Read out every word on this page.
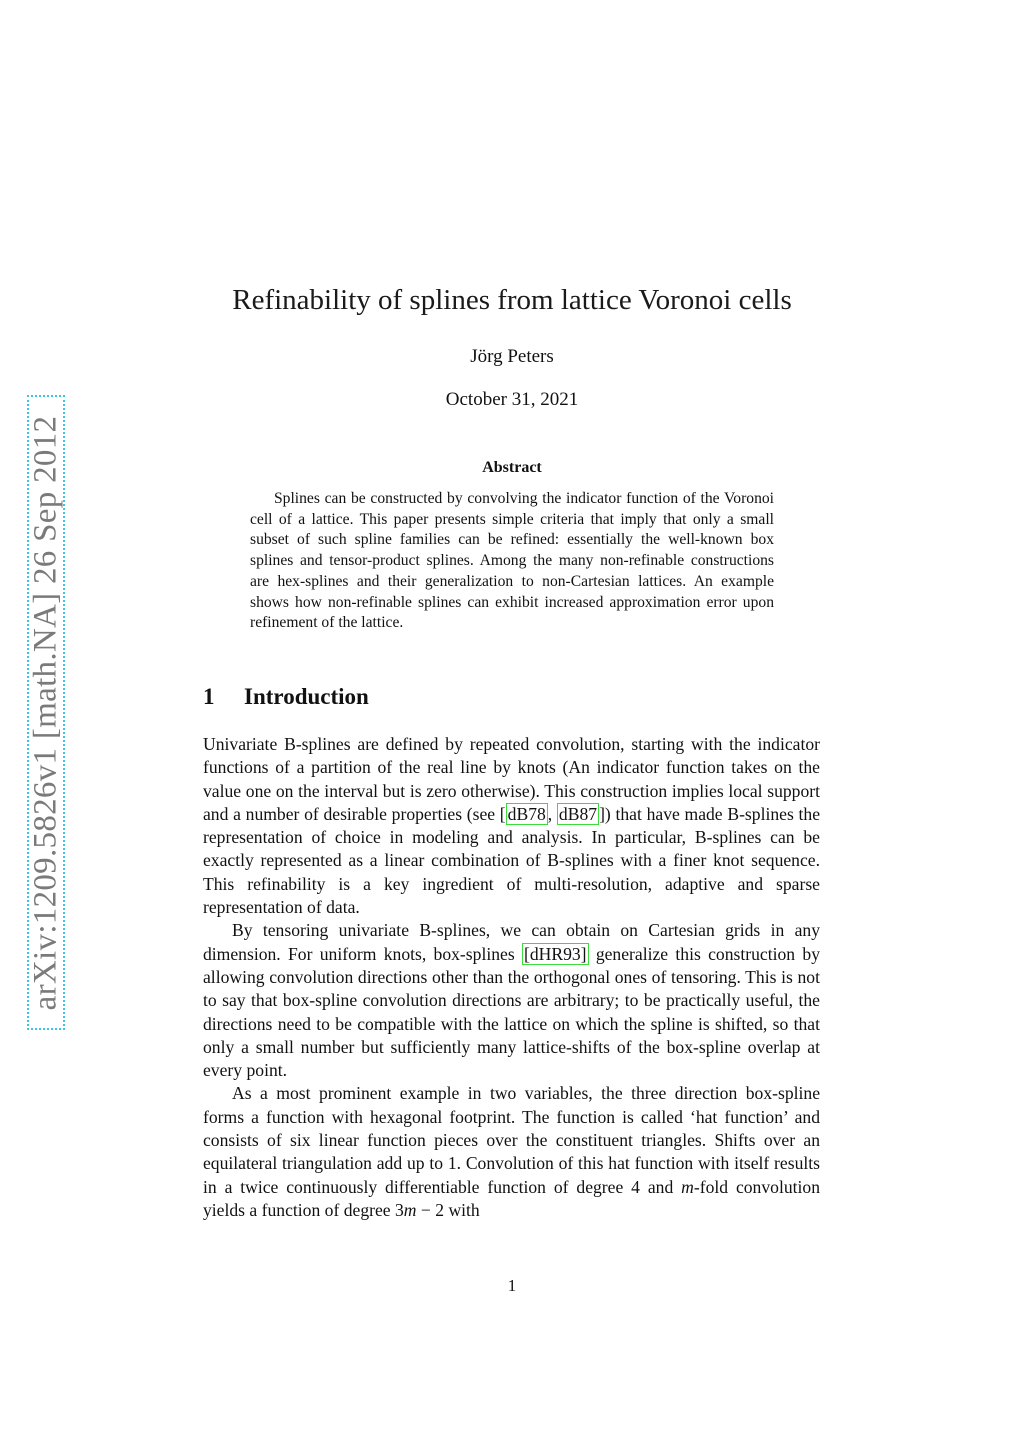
arXiv:1209.5826v1 [math.NA] 26 Sep 2012
Refinability of splines from lattice Voronoi cells
Jörg Peters
October 31, 2021
Abstract
Splines can be constructed by convolving the indicator function of the Voronoi cell of a lattice. This paper presents simple criteria that imply that only a small subset of such spline families can be refined: essentially the well-known box splines and tensor-product splines. Among the many non-refinable constructions are hex-splines and their generalization to non-Cartesian lattices. An example shows how non-refinable splines can exhibit increased approximation error upon refinement of the lattice.
1 Introduction

Univariate B-splines are defined by repeated convolution, starting with the indicator functions of a partition of the real line by knots (An indicator function takes on the value one on the interval but is zero otherwise). This construction implies local support and a number of desirable properties (see [ dB78 , dB87 ]) that have made B-splines the representation of choice in modeling and analysis. In particular, B-splines can be exactly represented as a linear combination of B-splines with a finer knot sequence. This refinability is a key ingredient of multi-resolution, adaptive and sparse representation of data.

By tensoring univariate B-splines, we can obtain on Cartesian grids in any dimension. For uniform knots, box-splines [dHR93] generalize this construction by allowing convolution directions other than the orthogonal ones of tensoring. This is not to say that box-spline convolution directions are arbitrary; to be practically useful, the directions need to be compatible with the lattice on which the spline is shifted, so that only a small number but sufficiently many lattice-shifts of the box-spline overlap at every point.

As a most prominent example in two variables, the three direction box-spline forms a function with hexagonal footprint. The function is called ‘hat function’ and consists of six linear function pieces over the constituent triangles. Shifts over an equilateral triangulation add up to 1. Convolution of this hat function with itself results in a twice continuously differentiable function of degree 4 and m-fold convolution yields a function of degree 3m − 2 with

1
